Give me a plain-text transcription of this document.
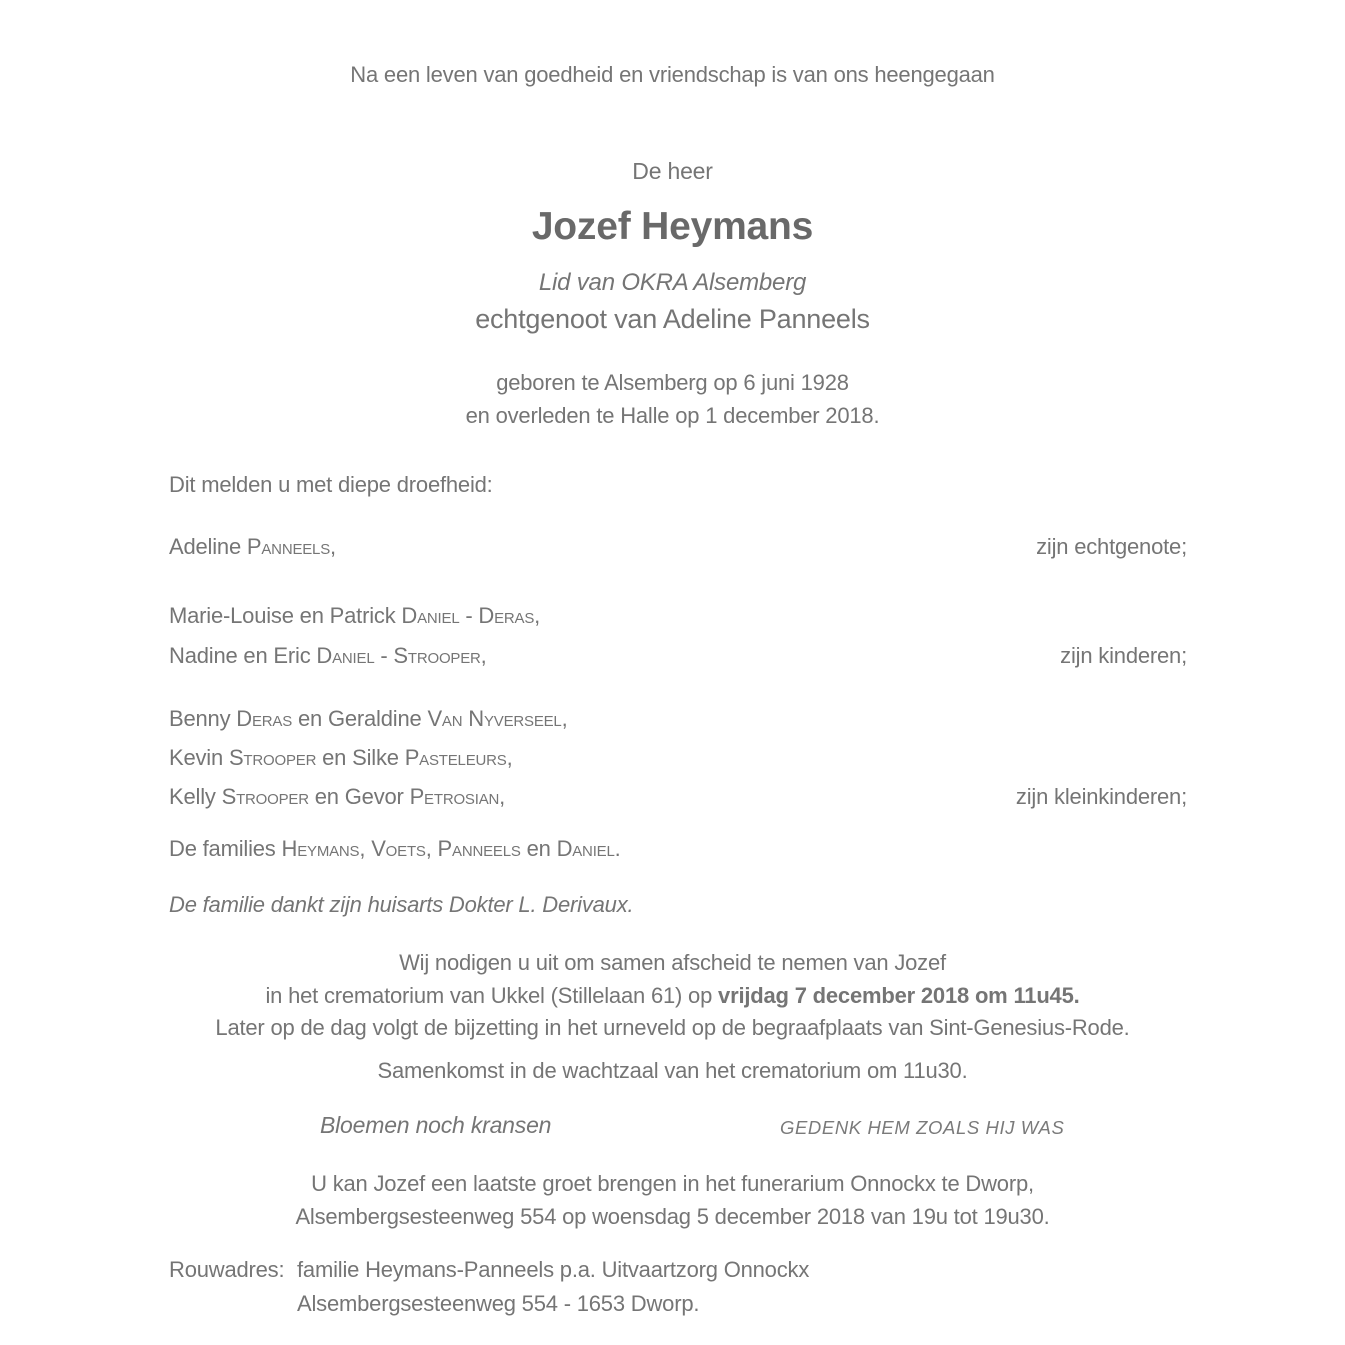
Na een leven van goedheid en vriendschap is van ons heengegaan
De heer
Jozef Heymans
Lid van OKRA Alsemberg
echtgenoot van Adeline Panneels
geboren te Alsemberg op 6 juni 1928
en overleden te Halle op 1 december 2018.
Dit melden u met diepe droefheid:
Adeline Panneels,	zijn echtgenote;
Marie-Louise en Patrick Daniel - Deras,
Nadine en Eric Daniel - Strooper,	zijn kinderen;
Benny Deras en Geraldine Van Nyverseel,
Kevin Strooper en Silke Pasteleurs,
Kelly Strooper en Gevor Petrosian,	zijn kleinkinderen;
De families Heymans, Voets, Panneels en Daniel.
De familie dankt zijn huisarts Dokter L. Derivaux.
Wij nodigen u uit om samen afscheid te nemen van Jozef
in het crematorium van Ukkel (Stillelaan 61) op vrijdag 7 december 2018 om 11u45.
Later op de dag volgt de bijzetting in het urneveld op de begraafplaats van Sint-Genesius-Rode.
Samenkomst in de wachtzaal van het crematorium om 11u30.
Bloemen noch kransen	GEDENK HEM ZOALS HIJ WAS
U kan Jozef een laatste groet brengen in het funerarium Onnockx te Dworp,
Alsembergsesteenweg 554 op woensdag 5 december 2018 van 19u tot 19u30.
Rouwadres: familie Heymans-Panneels p.a. Uitvaartzorg Onnockx
Alsembergsesteenweg 554 - 1653 Dworp.
